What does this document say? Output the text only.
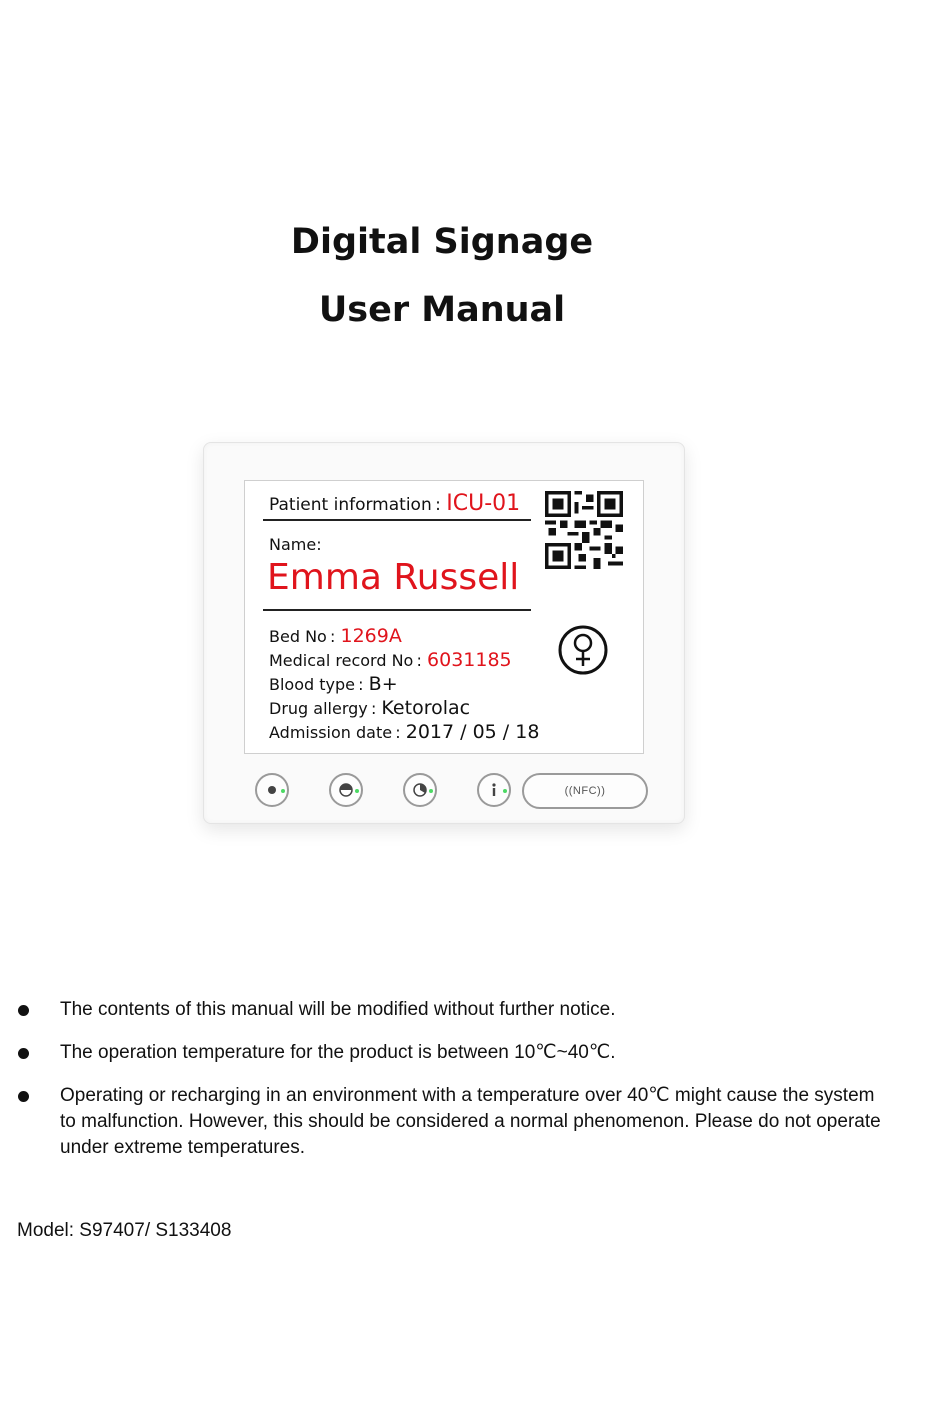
Digital Signage
User Manual
Patient information : ICU-01
Name:
Emma Russell
Bed No : 1269A
Medical record No : 6031185
Blood type : B+
Drug allergy : Ketorolac
Admission date : 2017 / 05 / 18
((NFC))
The contents of this manual will be modified without further notice.
The operation temperature for the product is between 10℃~40℃.
Operating or recharging in an environment with a temperature over 40℃ might cause the system to malfunction. However, this should be considered a normal phenomenon. Please do not operate under extreme temperatures.
Model: S97407/ S133408
